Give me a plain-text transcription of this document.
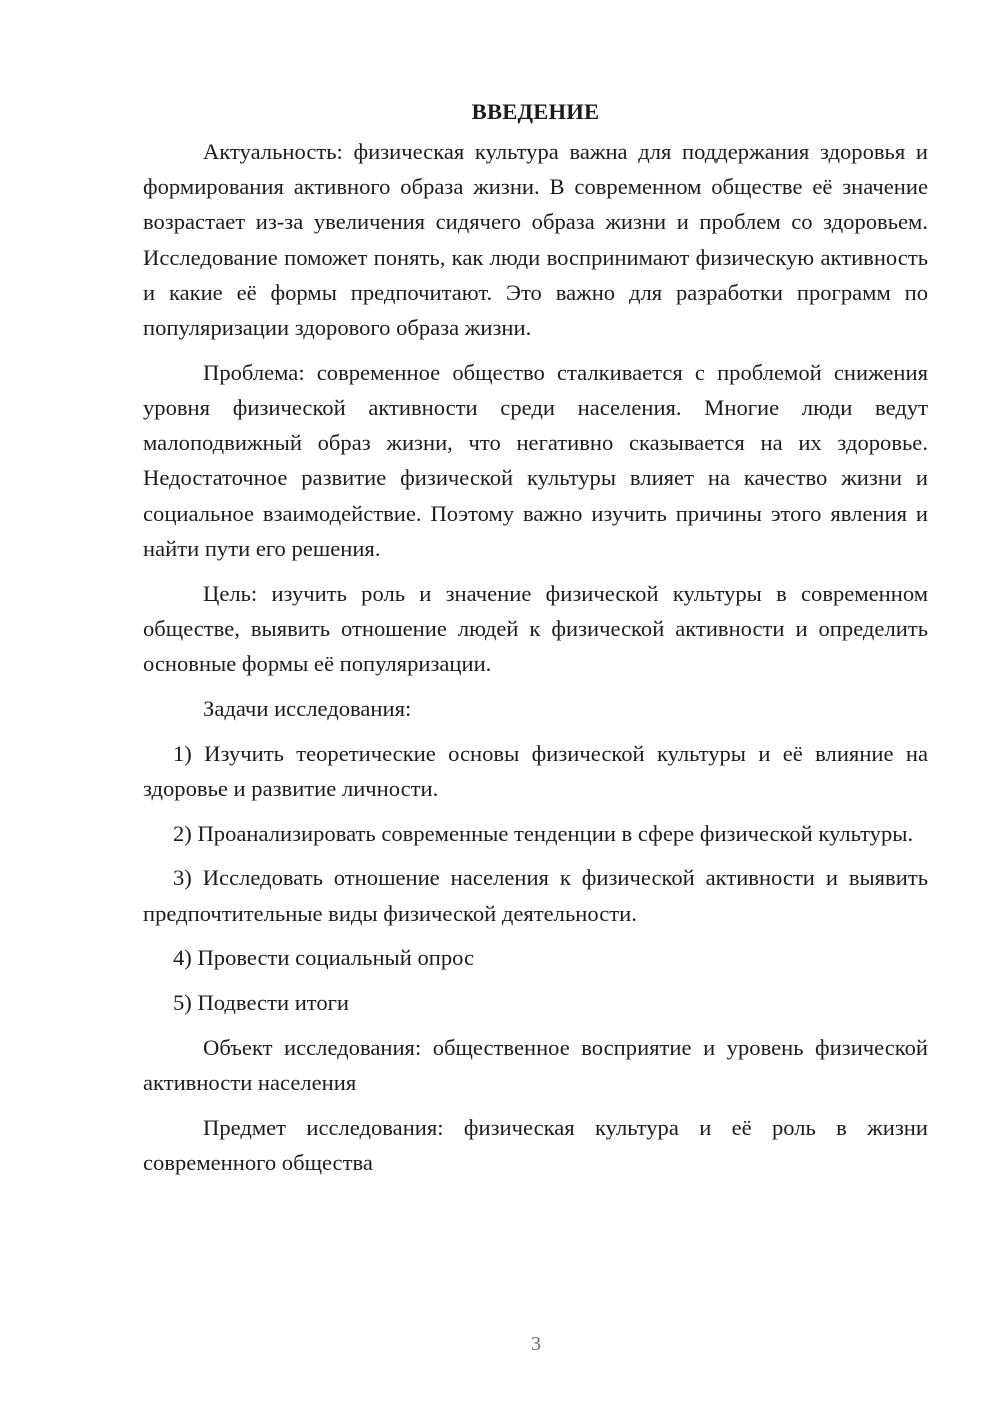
ВВЕДЕНИЕ

Актуальность: физическая культура важна для поддержания здоровья и формирования активного образа жизни. В современном обществе её значение возрастает из-за увеличения сидячего образа жизни и проблем со здоровьем. Исследование поможет понять, как люди воспринимают физическую активность и какие её формы предпочитают. Это важно для разработки программ по популяризации здорового образа жизни.

Проблема: современное общество сталкивается с проблемой снижения уровня физической активности среди населения. Многие люди ведут малоподвижный образ жизни, что негативно сказывается на их здоровье. Недостаточное развитие физической культуры влияет на качество жизни и социальное взаимодействие. Поэтому важно изучить причины этого явления и найти пути его решения.

Цель: изучить роль и значение физической культуры в современном обществе, выявить отношение людей к физической активности и определить основные формы её популяризации.

Задачи исследования:

1) Изучить теоретические основы физической культуры и её влияние на здоровье и развитие личности.

2) Проанализировать современные тенденции в сфере физической культуры.

3) Исследовать отношение населения к физической активности и выявить предпочтительные виды физической деятельности.

4) Провести социальный опрос

5) Подвести итоги

Объект исследования: общественное восприятие и уровень физической активности населения

Предмет исследования: физическая культура и её роль в жизни современного общества

3
